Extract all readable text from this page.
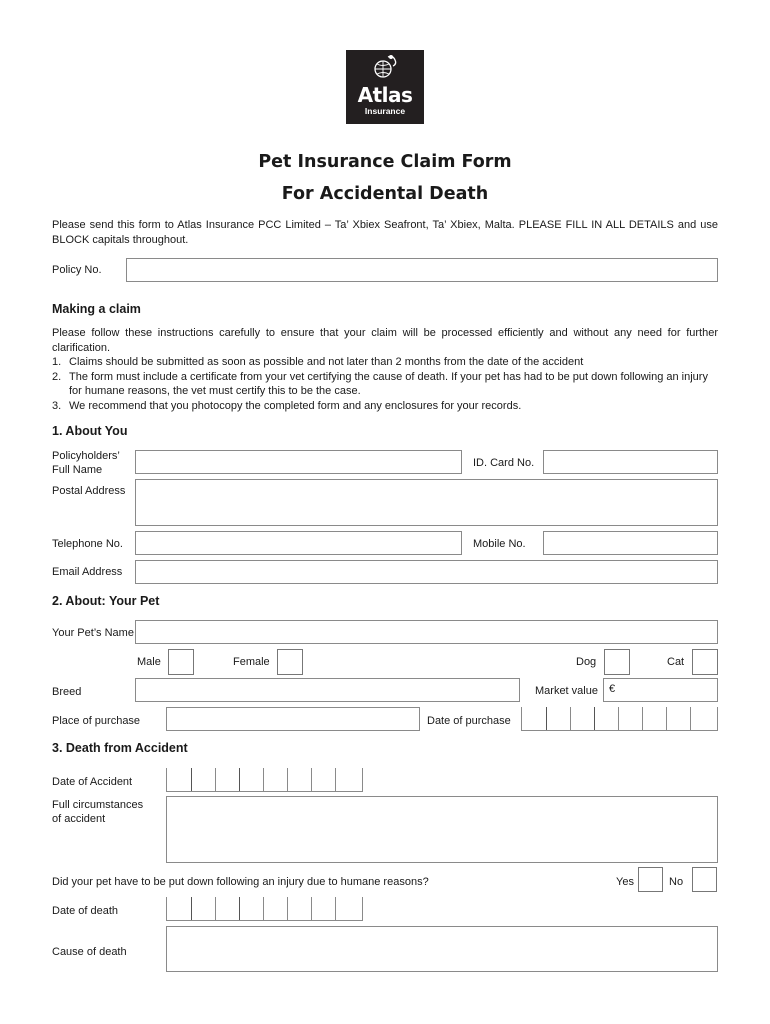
Atlas
Insurance
Pet Insurance Claim Form
For Accidental Death

Please send this form to Atlas Insurance PCC Limited – Ta’ Xbiex Seafront, Ta’ Xbiex, Malta. PLEASE FILL IN ALL DETAILS and use BLOCK capitals throughout.

Policy No.
Making a claim

Please follow these instructions carefully to ensure that your claim will be processed efficiently and without any need for further clarification.

1. Claims should be submitted as soon as possible and not later than 2 months from the date of the accident
2. The form must include a certificate from your vet certifying the cause of death. If your pet has had to be put down following an injury for humane reasons, the vet must certify this to be the case.
3. We recommend that you photocopy the completed form and any enclosures for your records.
1. About You
Policyholders’
Full Name
ID. Card No.
Postal Address
Telephone No.	Mobile No.
Email Address
2. About: Your Pet
Your Pet’s Name
Male	Female	Dog	Cat
Breed	Market value €
Place of purchase	Date of purchase
3. Death from Accident
Date of Accident
Full circumstances
of accident
Did your pet have to be put down following an injury due to humane reasons?	Yes	No
Date of death
Cause of death
